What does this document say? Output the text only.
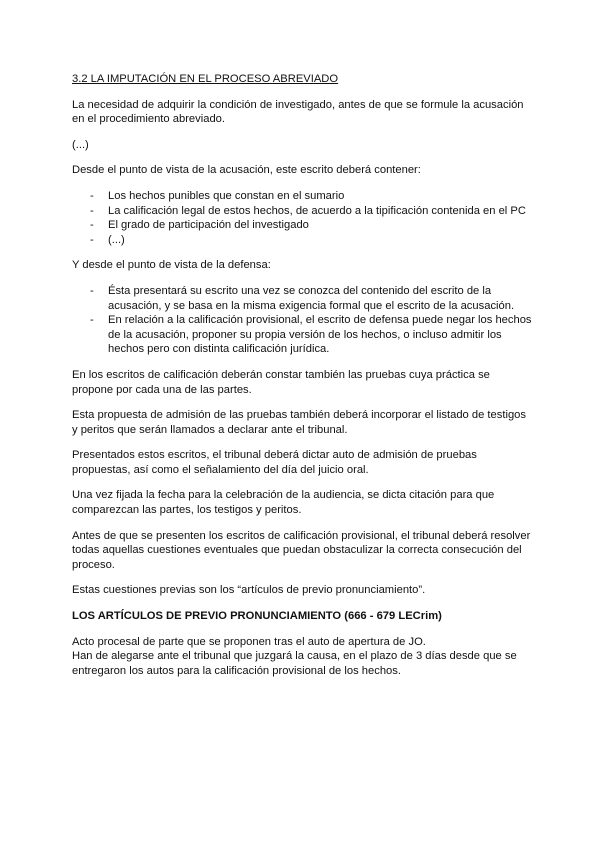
3.2 LA IMPUTACIÓN EN EL PROCESO ABREVIADO
La necesidad de adquirir la condición de investigado, antes de que se formule la acusación en el procedimiento abreviado.
(...)
Desde el punto de vista de la acusación, este escrito deberá contener:
- Los hechos punibles que constan en el sumario
- La calificación legal de estos hechos, de acuerdo a la tipificación contenida en el PC
- El grado de participación del investigado
- (...)
Y desde el punto de vista de la defensa:
- Ésta presentará su escrito una vez se conozca del contenido del escrito de la acusación, y se basa en la misma exigencia formal que el escrito de la acusación.
- En relación a la calificación provisional, el escrito de defensa puede negar los hechos de la acusación, proponer su propia versión de los hechos, o incluso admitir los hechos pero con distinta calificación jurídica.
En los escritos de calificación deberán constar también las pruebas cuya práctica se propone por cada una de las partes.
Esta propuesta de admisión de las pruebas también deberá incorporar el listado de testigos y peritos que serán llamados a declarar ante el tribunal.
Presentados estos escritos, el tribunal deberá dictar auto de admisión de pruebas propuestas, así como el señalamiento del día del juicio oral.
Una vez fijada la fecha para la celebración de la audiencia, se dicta citación para que comparezcan las partes, los testigos y peritos.
Antes de que se presenten los escritos de calificación provisional, el tribunal deberá resolver todas aquellas cuestiones eventuales que puedan obstaculizar la correcta consecución del proceso.
Estas cuestiones previas son los “artículos de previo pronunciamiento”.
LOS ARTÍCULOS DE PREVIO PRONUNCIAMIENTO (666 - 679 LECrim)
Acto procesal de parte que se proponen tras el auto de apertura de JO.
Han de alegarse ante el tribunal que juzgará la causa, en el plazo de 3 días desde que se entregaron los autos para la calificación provisional de los hechos.
